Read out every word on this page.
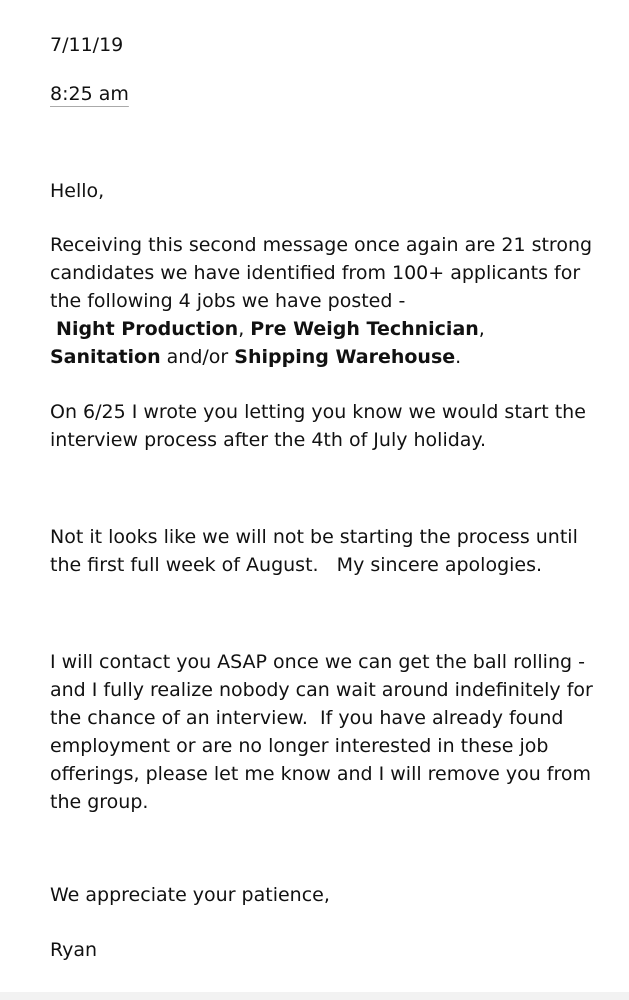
7/11/19
8:25 am
Hello,
Receiving this second message once again are 21 strong candidates we have identified from 100+ applicants for the following 4 jobs we have posted -
Night Production, Pre Weigh Technician,
Sanitation and/or Shipping Warehouse.
On 6/25 I wrote you letting you know we would start the interview process after the 4th of July holiday.
Not it looks like we will not be starting the process until the first full week of August.   My sincere apologies.
I will contact you ASAP once we can get the ball rolling - and I fully realize nobody can wait around indefinitely for the chance of an interview.  If you have already found employment or are no longer interested in these job offerings, please let me know and I will remove you from the group.
We appreciate your patience,
Ryan
